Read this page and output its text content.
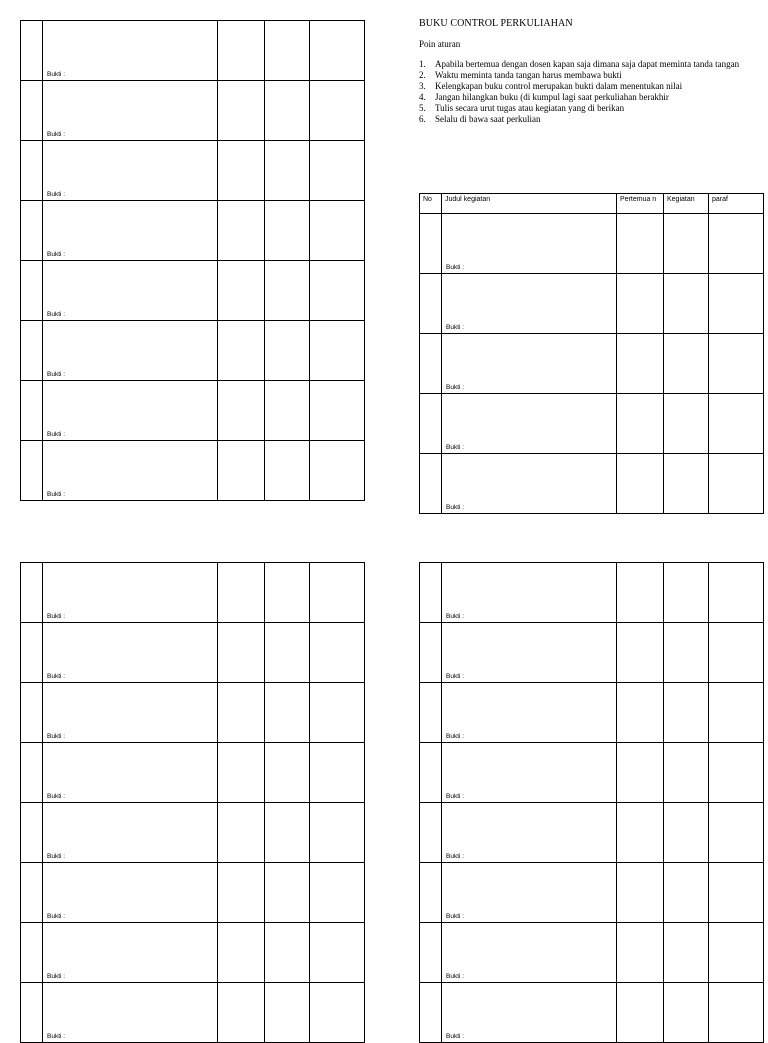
	Bukti :			

	Bukti :			

	Bukti :			

	Bukti :			

	Bukti :			

	Bukti :			

	Bukti :			

	Bukti :			

BUKU CONTROL PERKULIAHAN
Poin aturan
1.	Apabila bertemua dengan dosen kapan saja dimana saja dapat meminta tanda tangan
2.	Waktu meminta tanda tangan harus membawa bukti
3.	Kelengkapan buku control merupakan bukti dalam menentukan nilai
4.	Jangan hilangkan buku (di kumpul lagi saat perkuliahan berakhir
5.	Tulis secara urut tugas atau kegiatan yang di berikan
6.	Selalu di bawa saat perkulian
No	Judul kegiatan	Pertemua n	Kegiatan	paraf

	Bukti :			

	Bukti :			

	Bukti :			

	Bukti :			

	Bukti :			

	Bukti :			

	Bukti :			

	Bukti :			

	Bukti :			

	Bukti :			

	Bukti :			

	Bukti :			

	Bukti :			

	Bukti :			

	Bukti :			

	Bukti :			

	Bukti :			

	Bukti :			

	Bukti :			

	Bukti :			

	Bukti :			
